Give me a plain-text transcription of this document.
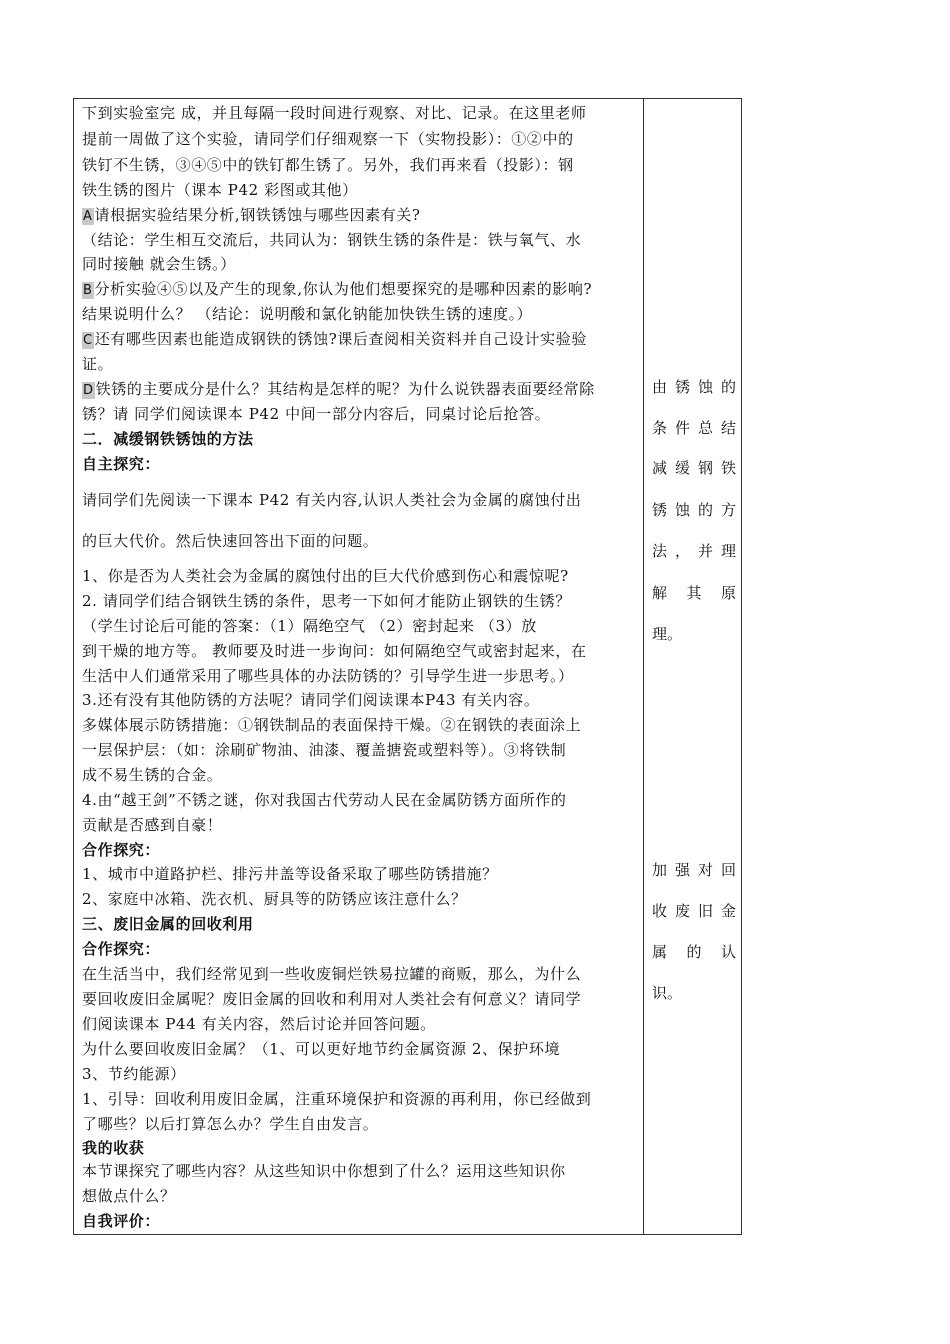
下到实验室完 成，并且每隔一段时间进行观察、对比、记录。在这里老师
提前一周做了这个实验，请同学们仔细观察一下（实物投影）：①②中的
铁钉不生锈，③④⑤中的铁钉都生锈了。另外，我们再来看（投影）：钢
铁生锈的图片（课本 P42 彩图或其他）
A 请根据实验结果分析,钢铁锈蚀与哪些因素有关?
（结论：学生相互交流后，共同认为：钢铁生锈的条件是：铁与氧气、水
同时接触 就会生锈。）
B 分析实验④⑤以及产生的现象,你认为他们想要探究的是哪种因素的影响?
结果说明什么？ （结论：说明酸和氯化钠能加快铁生锈的速度。）
C 还有哪些因素也能造成钢铁的锈蚀?课后查阅相关资料并自己设计实验验
证。
D 铁锈的主要成分是什么？其结构是怎样的呢？为什么说铁器表面要经常除
锈？请 同学们阅读课本 P42 中间一部分内容后，同桌讨论后抢答。
二．减缓钢铁锈蚀的方法
自主探究：
请同学们先阅读一下课本 P42 有关内容,认识人类社会为金属的腐蚀付出
的巨大代价。然后快速回答出下面的问题。
1、你是否为人类社会为金属的腐蚀付出的巨大代价感到伤心和震惊呢?
2. 请同学们结合钢铁生锈的条件，思考一下如何才能防止钢铁的生锈？
（学生讨论后可能的答案：（1）隔绝空气 （2）密封起来 （3）放
到干燥的地方等。 教师要及时进一步询问：如何隔绝空气或密封起来，在
生活中人们通常采用了哪些具体的办法防锈的？引导学生进一步思考。）
3.还有没有其他防锈的方法呢？请同学们阅读课本P43 有关内容。
多媒体展示防锈措施：①钢铁制品的表面保持干燥。②在钢铁的表面涂上
一层保护层：（如：涂刷矿物油、油漆、覆盖搪瓷或塑料等）。③将铁制
成不易生锈的合金。
4.由“越王剑”不锈之谜，你对我国古代劳动人民在金属防锈方面所作的
贡献是否感到自豪！
合作探究：
1、城市中道路护栏、排污井盖等设备采取了哪些防锈措施？
2、家庭中冰箱、洗衣机、厨具等的防锈应该注意什么？
三、废旧金属的回收利用
合作探究：
在生活当中，我们经常见到一些收废铜烂铁易拉罐的商贩，那么，为什么
要回收废旧金属呢？废旧金属的回收和利用对人类社会有何意义？请同学
们阅读课本 P44 有关内容，然后讨论并回答问题。
为什么要回收废旧金属？（1、可以更好地节约金属资源 2、保护环境
3、节约能源）
1、引导：回收利用废旧金属，注重环境保护和资源的再利用，你已经做到
了哪些？以后打算怎么办？学生自由发言。
我的收获
本节课探究了哪些内容？从这些知识中你想到了什么？运用这些知识你
想做点什么？
自我评价：
由锈蚀的
条件总结
减缓钢铁
锈蚀的方
法，并理
解其原
理。
加强对回
收废旧金
属的认
识。
